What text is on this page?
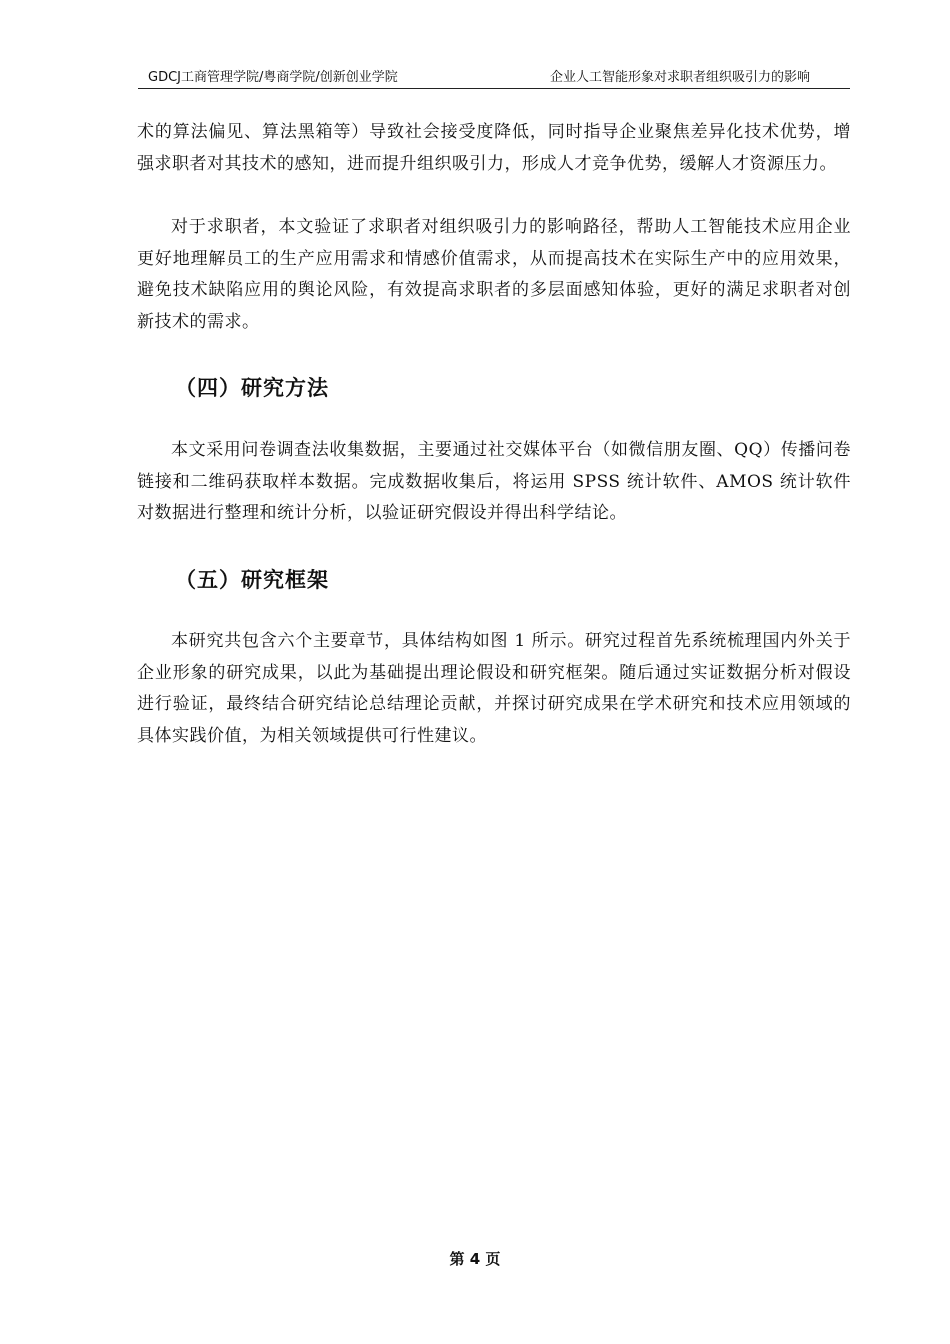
GDCJ工商管理学院/粤商学院/创新创业学院	企业人工智能形象对求职者组织吸引力的影响

术的算法偏见、算法黑箱等）导致社会接受度降低，同时指导企业聚焦差异化技术优势，增强求职者对其技术的感知，进而提升组织吸引力，形成人才竞争优势，缓解人才资源压力。

对于求职者，本文验证了求职者对组织吸引力的影响路径，帮助人工智能技术应用企业更好地理解员工的生产应用需求和情感价值需求，从而提高技术在实际生产中的应用效果，避免技术缺陷应用的舆论风险，有效提高求职者的多层面感知体验，更好的满足求职者对创新技术的需求。

（四）研究方法

本文采用问卷调查法收集数据，主要通过社交媒体平台（如微信朋友圈、QQ）传播问卷链接和二维码获取样本数据。完成数据收集后，将运用 SPSS 统计软件、AMOS 统计软件对数据进行整理和统计分析，以验证研究假设并得出科学结论。

（五）研究框架

本研究共包含六个主要章节，具体结构如图 1 所示。研究过程首先系统梳理国内外关于企业形象的研究成果，以此为基础提出理论假设和研究框架。随后通过实证数据分析对假设进行验证，最终结合研究结论总结理论贡献，并探讨研究成果在学术研究和技术应用领域的具体实践价值，为相关领域提供可行性建议。

第 4 页
